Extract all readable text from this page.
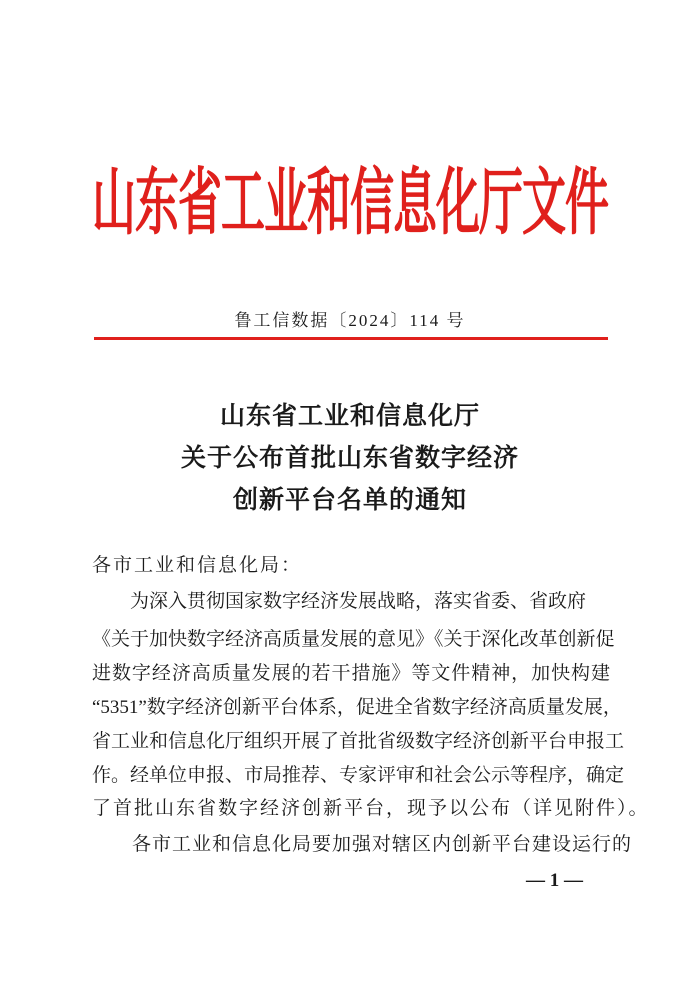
山东省工业和信息化厅文件
鲁工信数据〔2024〕114 号
山东省工业和信息化厅
关于公布首批山东省数字经济
创新平台名单的通知
各市工业和信息化局：
　　为深入贯彻国家数字经济发展战略，落实省委、省政府
《关于加快数字经济高质量发展的意见》《关于深化改革创新促
进数字经济高质量发展的若干措施》等文件精神，加快构建
“5351”数字经济创新平台体系，促进全省数字经济高质量发展，
省工业和信息化厅组织开展了首批省级数字经济创新平台申报工
作。经单位申报、市局推荐、专家评审和社会公示等程序，确定
了首批山东省数字经济创新平台，现予以公布（详见附件）。
　　各市工业和信息化局要加强对辖区内创新平台建设运行的
— 1 —
